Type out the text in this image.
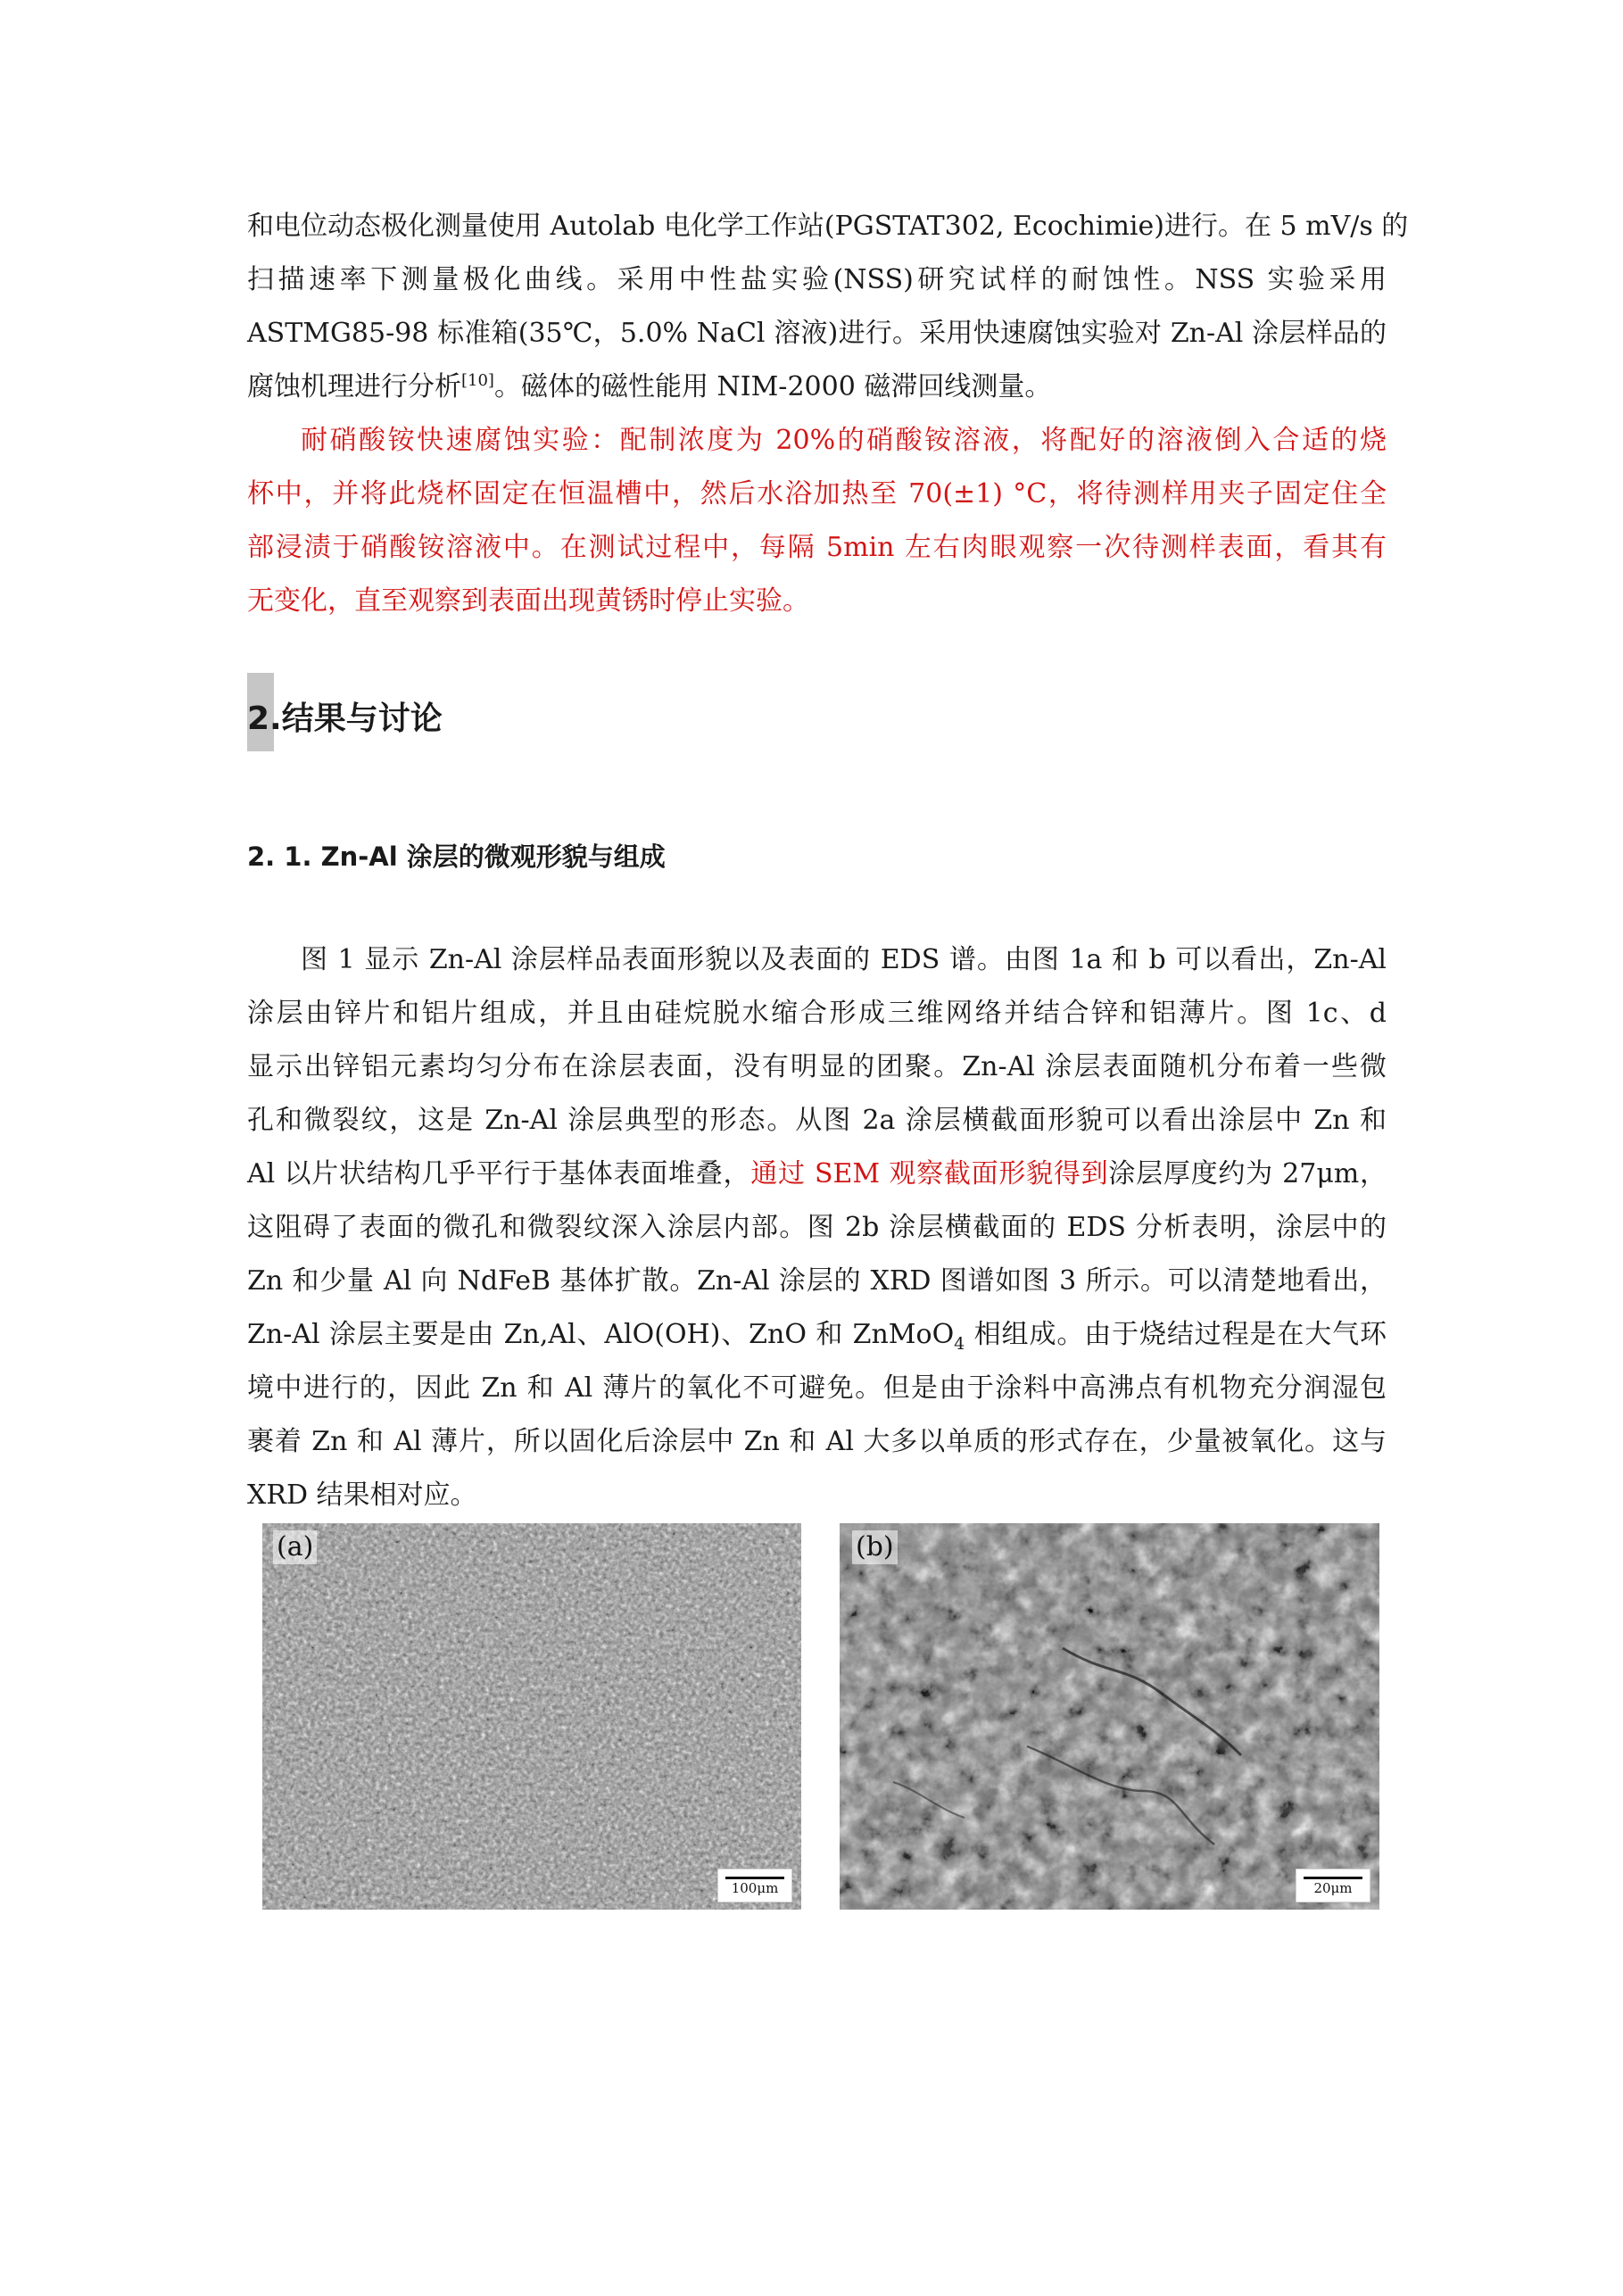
和电位动态极化测量使用 Autolab 电化学工作站(PGSTAT302, Ecochimie)进行。在 5 mV/s 的
扫描速率下测量极化曲线。采用中性盐实验(NSS)研究试样的耐蚀性。NSS 实验采用
ASTMG85-98 标准箱(35℃，5.0% NaCl 溶液)进行。采用快速腐蚀实验对 Zn-Al 涂层样品的
腐蚀机理进行分析[10]。磁体的磁性能用 NIM-2000 磁滞回线测量。
耐硝酸铵快速腐蚀实验：配制浓度为 20%的硝酸铵溶液，将配好的溶液倒入合适的烧
杯中，并将此烧杯固定在恒温槽中，然后水浴加热至 70(±1) °C，将待测样用夹子固定住全
部浸渍于硝酸铵溶液中。在测试过程中，每隔 5min 左右肉眼观察一次待测样表面，看其有
无变化，直至观察到表面出现黄锈时停止实验。
2.结果与讨论
2. 1. Zn-Al 涂层的微观形貌与组成
图 1 显示 Zn-Al 涂层样品表面形貌以及表面的 EDS 谱。由图 1a 和 b 可以看出，Zn-Al
涂层由锌片和铝片组成，并且由硅烷脱水缩合形成三维网络并结合锌和铝薄片。图 1c、d
显示出锌铝元素均匀分布在涂层表面，没有明显的团聚。Zn-Al 涂层表面随机分布着一些微
孔和微裂纹，这是 Zn-Al 涂层典型的形态。从图 2a 涂层横截面形貌可以看出涂层中 Zn 和
Al 以片状结构几乎平行于基体表面堆叠，通过 SEM 观察截面形貌得到涂层厚度约为 27μm，
这阻碍了表面的微孔和微裂纹深入涂层内部。图 2b 涂层横截面的 EDS 分析表明，涂层中的
Zn 和少量 Al 向 NdFeB 基体扩散。Zn-Al 涂层的 XRD 图谱如图 3 所示。可以清楚地看出，
Zn-Al 涂层主要是由 Zn,Al、AlO(OH)、ZnO 和 ZnMoO$_4$ 相组成。由于烧结过程是在大气环
境中进行的，因此 Zn 和 Al 薄片的氧化不可避免。但是由于涂料中高沸点有机物充分润湿包
裹着 Zn 和 Al 薄片，所以固化后涂层中 Zn 和 Al 大多以单质的形式存在，少量被氧化。这与
XRD 结果相对应。
(a)
100μm
(b)
20μm
